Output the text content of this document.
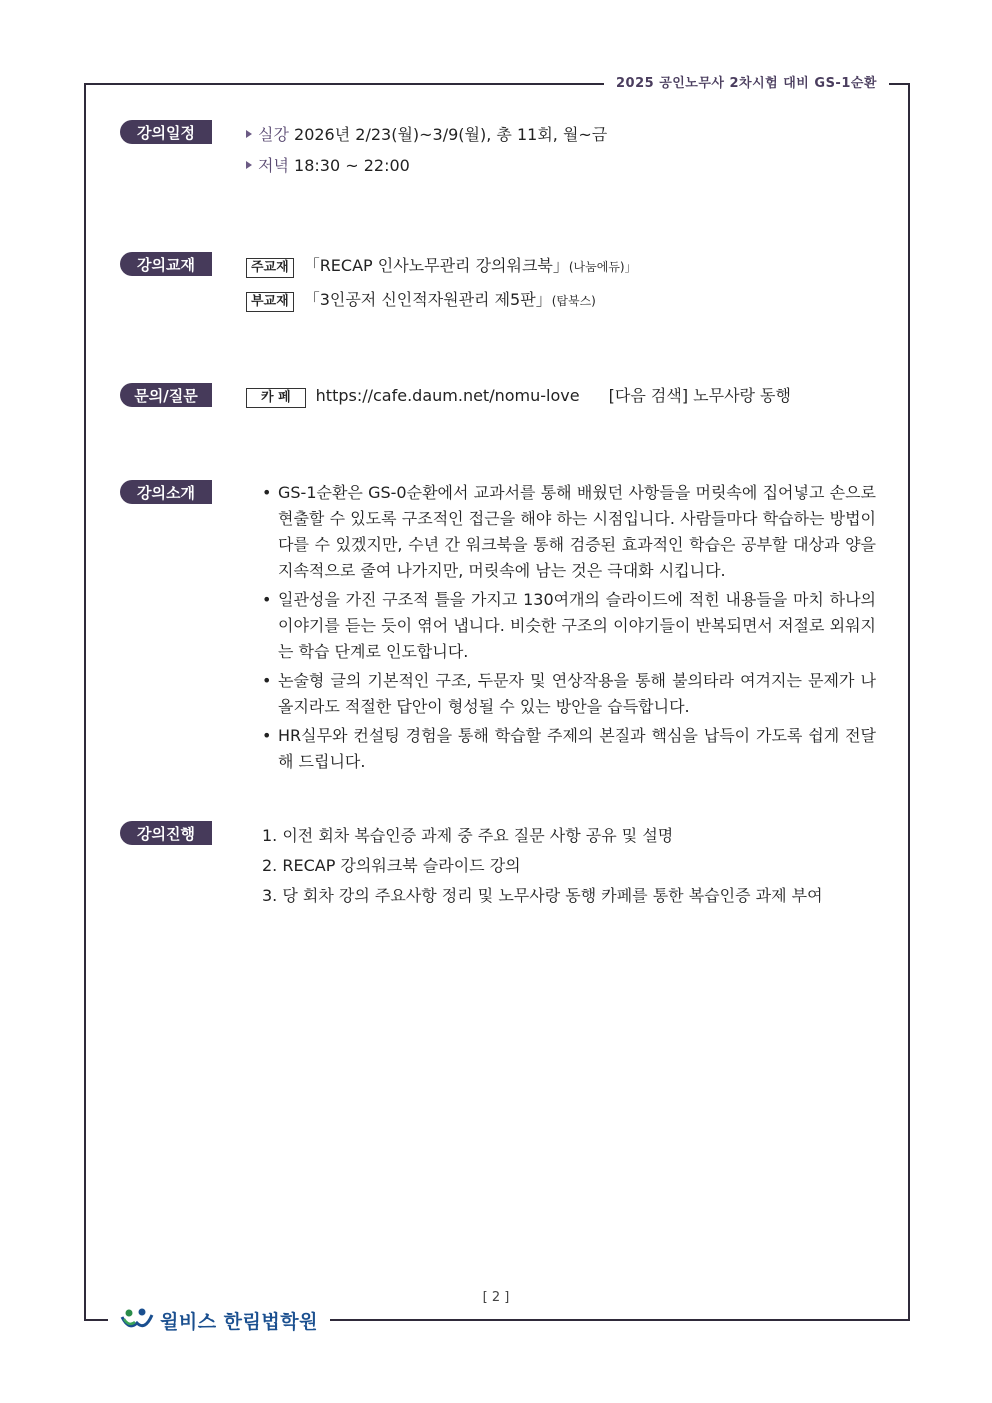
2025 공인노무사 2차시험 대비 GS-1순환
강의일정	실강 2026년 2/23(월)~3/9(월), 총 11회, 월~금
저녁 18:30 ~ 22:00
강의교재	주교재 「RECAP 인사노무관리 강의워크북」(나눔에듀)」
부교재 「3인공저 신인적자원관리 제5판」(탑북스)
문의/질문	카 페 https://cafe.daum.net/nomu-love [다음 검색] 노무사랑 동행
강의소개
•	GS-1순환은 GS-0순환에서 교과서를 통해 배웠던 사항들을 머릿속에 집어넣고 손으로 현출할 수 있도록 구조적인 접근을 해야 하는 시점입니다. 사람들마다 학습하는 방법이 다를 수 있겠지만, 수년 간 워크북을 통해 검증된 효과적인 학습은 공부할 대상과 양을 지속적으로 줄여 나가지만, 머릿속에 남는 것은 극대화 시킵니다.
• 일관성을 가진 구조적 틀을 가지고 130여개의 슬라이드에 적힌 내용들을 마치 하나의 이야기를 듣는 듯이 엮어 냅니다. 비슷한 구조의 이야기들이 반복되면서 저절로 외워지는 학습 단계로 인도합니다.
• 논술형 글의 기본적인 구조, 두문자 및 연상작용을 통해 불의타라 여겨지는 문제가 나올지라도 적절한 답안이 형성될 수 있는 방안을 습득합니다.
• HR실무와 컨설팅 경험을 통해 학습할 주제의 본질과 핵심을 납득이 가도록 쉽게 전달해 드립니다.
강의진행	1. 이전 회차 복습인증 과제 중 주요 질문 사항 공유 및 설명
2. RECAP 강의워크북 슬라이드 강의
3. 당 회차 강의 주요사항 정리 및 노무사랑 동행 카페를 통한 복습인증 과제 부여
[ 2 ]
윌비스 한림법학원
